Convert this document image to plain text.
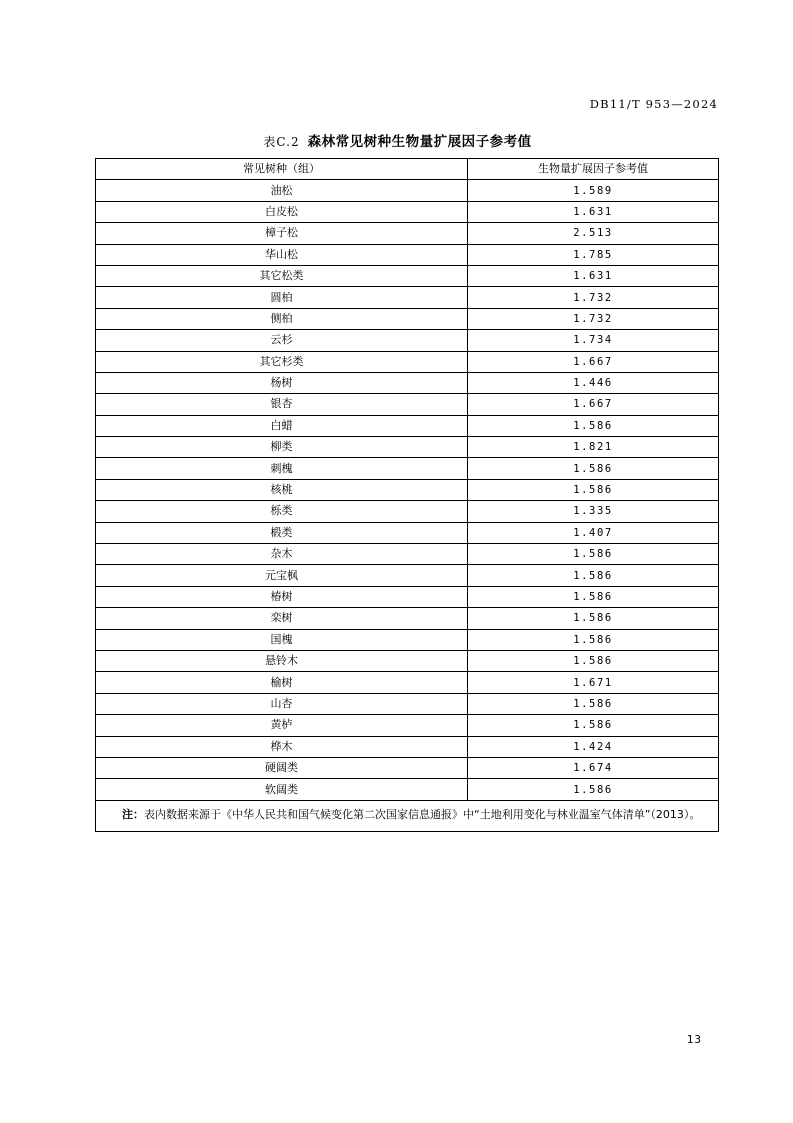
DB11/T 953—2024
表C.2 森林常见树种生物量扩展因子参考值
常见树种（组）	生物量扩展因子参考值
油松	1.589
白皮松	1.631
樟子松	2.513
华山松	1.785
其它松类	1.631
圆柏	1.732
侧柏	1.732
云杉	1.734
其它杉类	1.667
杨树	1.446
银杏	1.667
白蜡	1.586
柳类	1.821
刺槐	1.586
核桃	1.586
栎类	1.335
椴类	1.407
杂木	1.586
元宝枫	1.586
椿树	1.586
栾树	1.586
国槐	1.586
悬铃木	1.586
榆树	1.671
山杏	1.586
黄栌	1.586
桦木	1.424
硬阔类	1.674
软阔类	1.586
注：表内数据来源于《中华人民共和国气候变化第二次国家信息通报》中“土地利用变化与林业温室气体清单”（2013）。	
13
